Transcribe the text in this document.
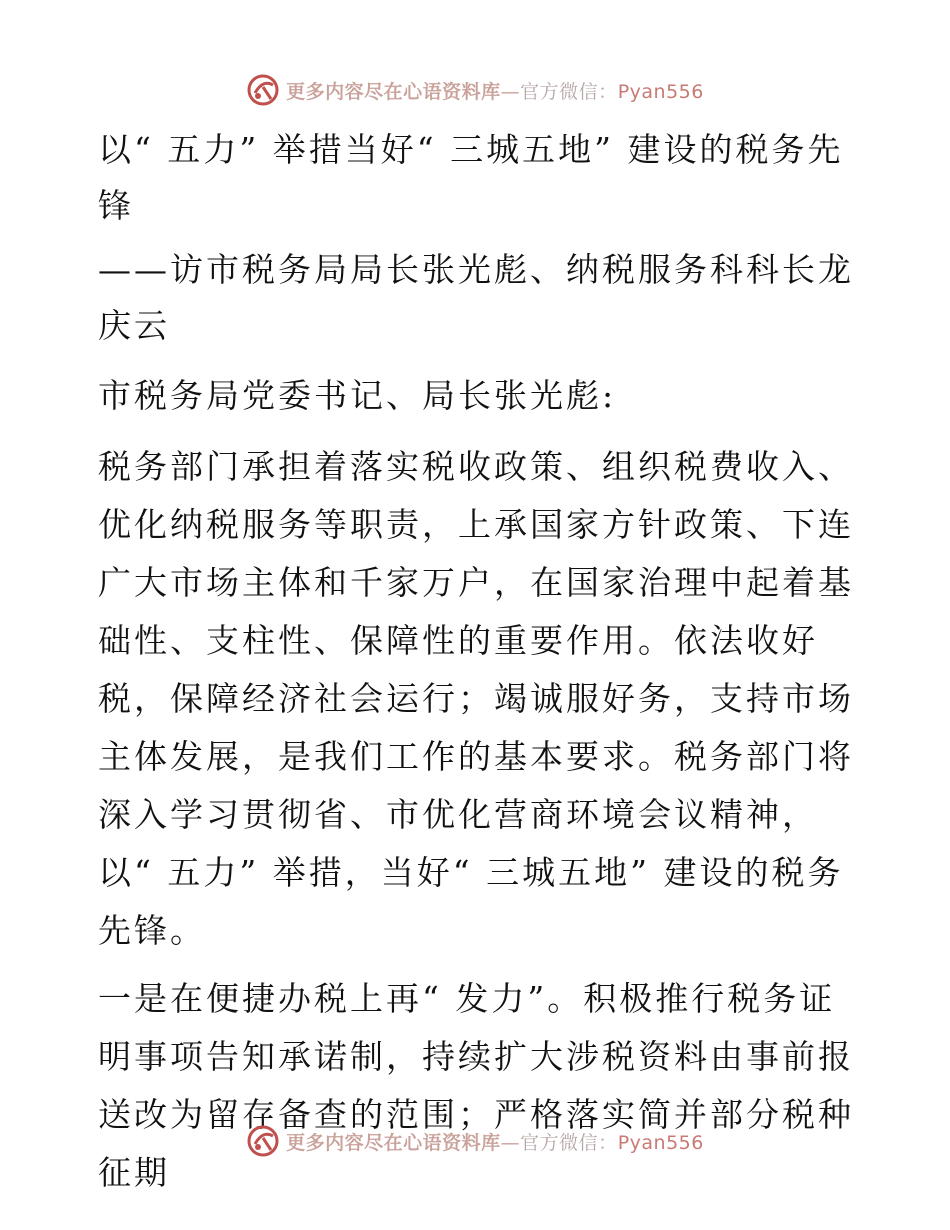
更多内容尽在心语资料库—官方微信：Pyan556

以“ 五力” 举措当好“ 三城五地” 建设的税务先锋

——访市税务局局长张光彪、纳税服务科科长龙庆云

市税务局党委书记、局长张光彪:

税务部门承担着落实税收政策、组织税费收入、优化纳税服务等职责，上承国家方针政策、下连广大市场主体和千家万户，在国家治理中起着基础性、支柱性、保障性的重要作用。依法收好税，保障经济社会运行；竭诚服好务，支持市场主体发展，是我们工作的基本要求。税务部门将深入学习贯彻省、市优化营商环境会议精神，以“ 五力” 举措，当好“ 三城五地” 建设的税务先锋。

一是在便捷办税上再“ 发力”。积极推行税务证明事项告知承诺制，持续扩大涉税资料由事前报送改为留存备查的范围；严格落实简并部分税种征期

更多内容尽在心语资料库—官方微信：Pyan556
